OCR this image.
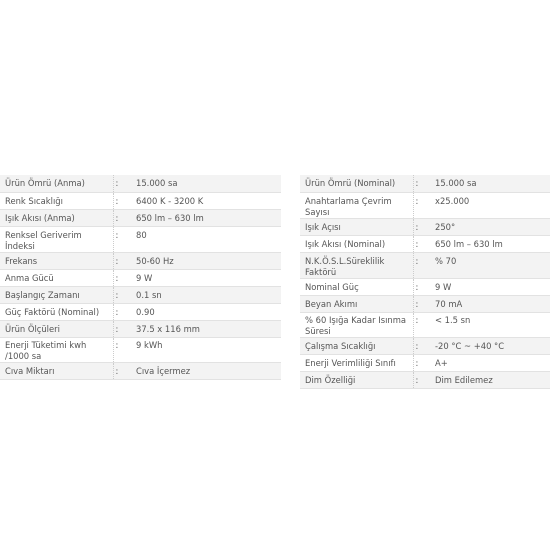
Ürün Ömrü (Anma)	:	15.000 sa
Renk Sıcaklığı	:	6400 K - 3200 K
Işık Akısı (Anma)	:	650 lm – 630 lm
Renksel Geriverim İndeksi	:	80
Frekans	:	50-60 Hz
Anma Gücü	:	9 W
Başlangıç Zamanı	:	0.1 sn
Güç Faktörü (Nominal)	:	0.90
Ürün Ölçüleri	:	37.5 x 116 mm
Enerji Tüketimi kwh /1000 sa	:	9 kWh
Cıva Miktarı	:	Cıva İçermez
Ürün Ömrü (Nominal)	:	15.000 sa
Anahtarlama Çevrim Sayısı	:	x25.000
Işık Açısı	:	250°
Işık Akısı (Nominal)	:	650 lm – 630 lm
N.K.Ö.S.L.Süreklilik Faktörü	:	% 70
Nominal Güç	:	9 W
Beyan Akımı	:	70 mA
% 60 Işığa Kadar Isınma Süresi	:	< 1.5 sn
Çalışma Sıcaklığı	:	-20 °C ~ +40 °C
Enerji Verimliliği Sınıfı	:	A+
Dim Özelliği	:	Dim Edilemez
